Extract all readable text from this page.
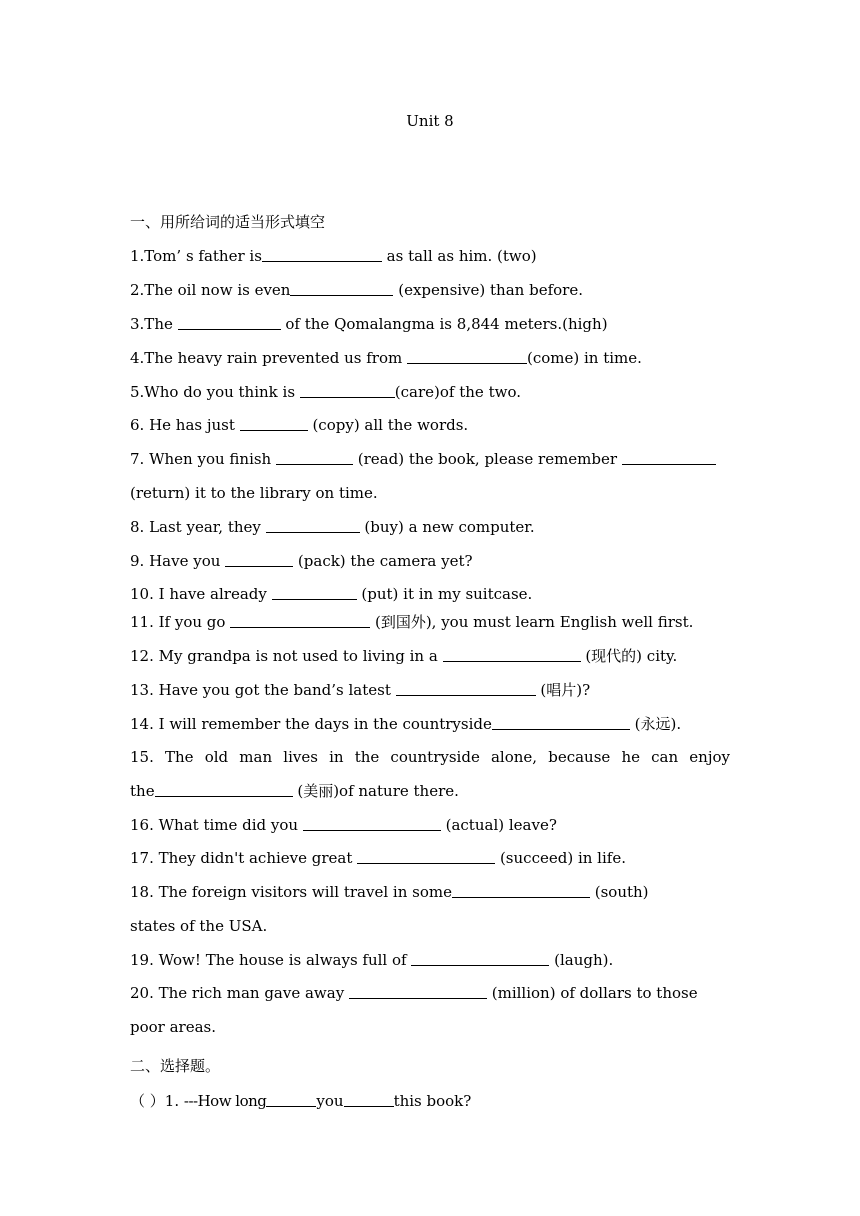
Unit 8
一、用所给词的适当形式填空
1.Tom’ s father is	as tall as him. (two)
2.The oil now is even	(expensive) than before.
3.The	of the Qomalangma is 8,844 meters.(high)
4.The heavy rain prevented us from	(come) in time.
5.Who do you think is	(care)of the two.
6. He has just	(copy) all the words.
7. When you finish	(read) the book, please remember
(return) it to the library on time.
8. Last year, they	(buy) a new computer.
9. Have you	(pack) the camera yet?
10. I have already	(put) it in my suitcase.
11. If you go	(到国外), you must learn English well first.
12. My grandpa is not used to living in a	(现代的) city.
13. Have you got the band’s latest	(唱片)?
14. I will remember the days in the countryside	(永远).
15. The old man lives in the countryside alone, because he can enjoy
the	(美丽)of nature there.
16. What time did you	(actual) leave?
17. They didn't achieve great	(succeed) in life.
18. The foreign visitors will travel in some	(south)
states of the USA.
19. Wow! The house is always full of	(laugh).
20. The rich man gave away	(million) of dollars to those
poor areas.
二、选择题。
（ ）1. ---How long	you	this book?
